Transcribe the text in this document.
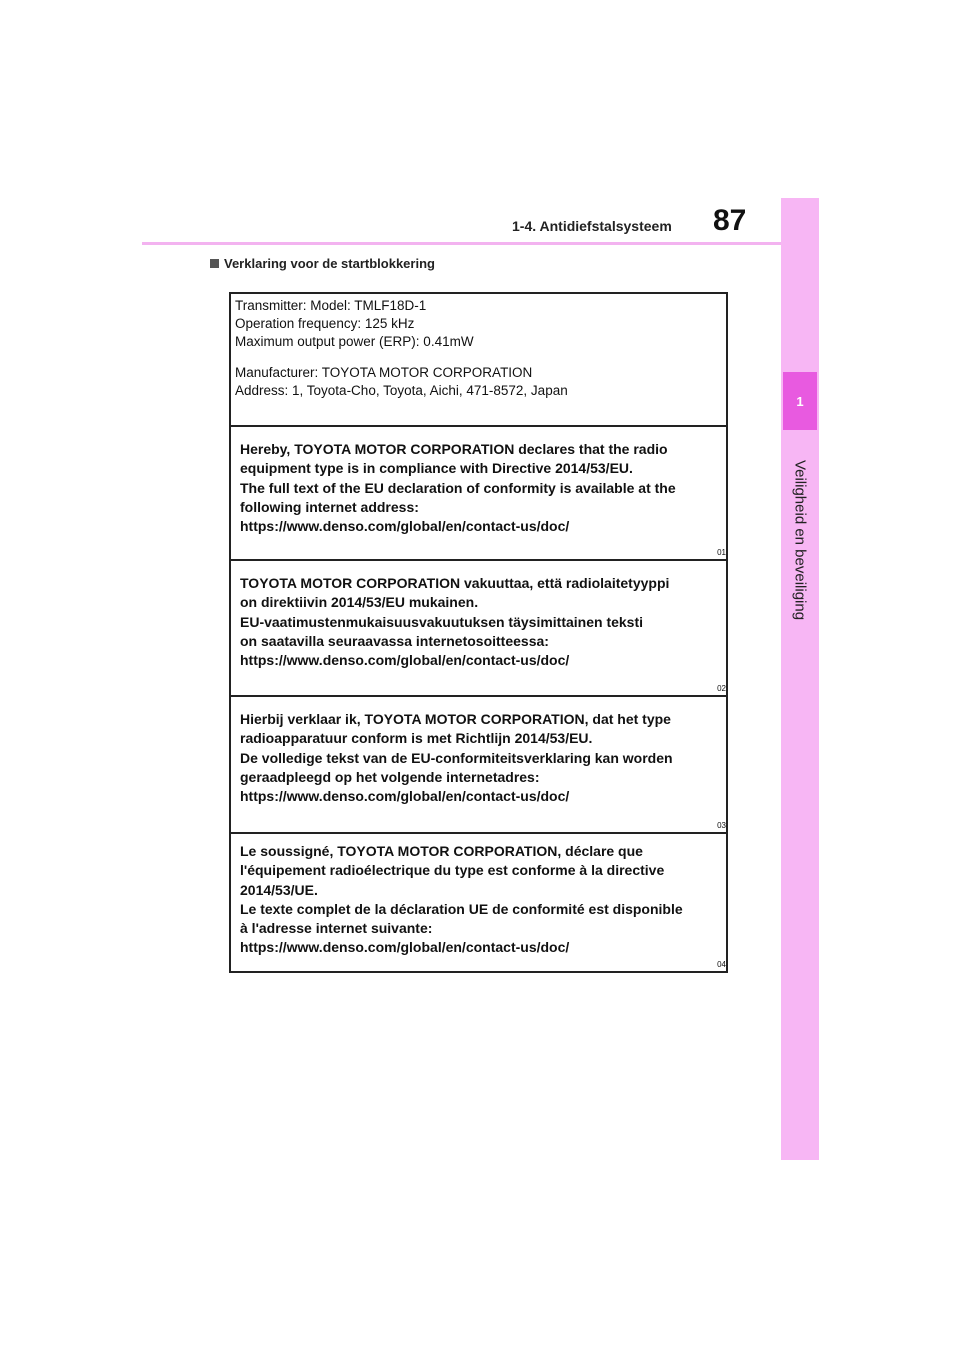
87
1-4. Antidiefstalsysteem
1
Veiligheid en beveiliging
Verklaring voor de startblokkering
Transmitter: Model: TMLF18D-1
Operation frequency: 125 kHz
Maximum output power (ERP): 0.41mW
Manufacturer: TOYOTA MOTOR CORPORATION
Address: 1, Toyota-Cho, Toyota, Aichi, 471-8572, Japan
Hereby, TOYOTA MOTOR CORPORATION declares that the radio
equipment type is in compliance with Directive 2014/53/EU.
The full text of the EU declaration of conformity is available at the
following internet address:
https://www.denso.com/global/en/contact-us/doc/
01
TOYOTA MOTOR CORPORATION vakuuttaa, että radiolaitetyyppi
on direktiivin 2014/53/EU mukainen.
EU-vaatimustenmukaisuusvakuutuksen täysimittainen teksti
on saatavilla seuraavassa internetosoitteessa:
https://www.denso.com/global/en/contact-us/doc/
02
Hierbij verklaar ik, TOYOTA MOTOR CORPORATION, dat het type
radioapparatuur conform is met Richtlijn 2014/53/EU.
De volledige tekst van de EU-conformiteitsverklaring kan worden
geraadpleegd op het volgende internetadres:
https://www.denso.com/global/en/contact-us/doc/
03
Le soussigné, TOYOTA MOTOR CORPORATION, déclare que
l'équipement radioélectrique du type est conforme à la directive
2014/53/UE.
Le texte complet de la déclaration UE de conformité est disponible
à l'adresse internet suivante:
https://www.denso.com/global/en/contact-us/doc/
04
